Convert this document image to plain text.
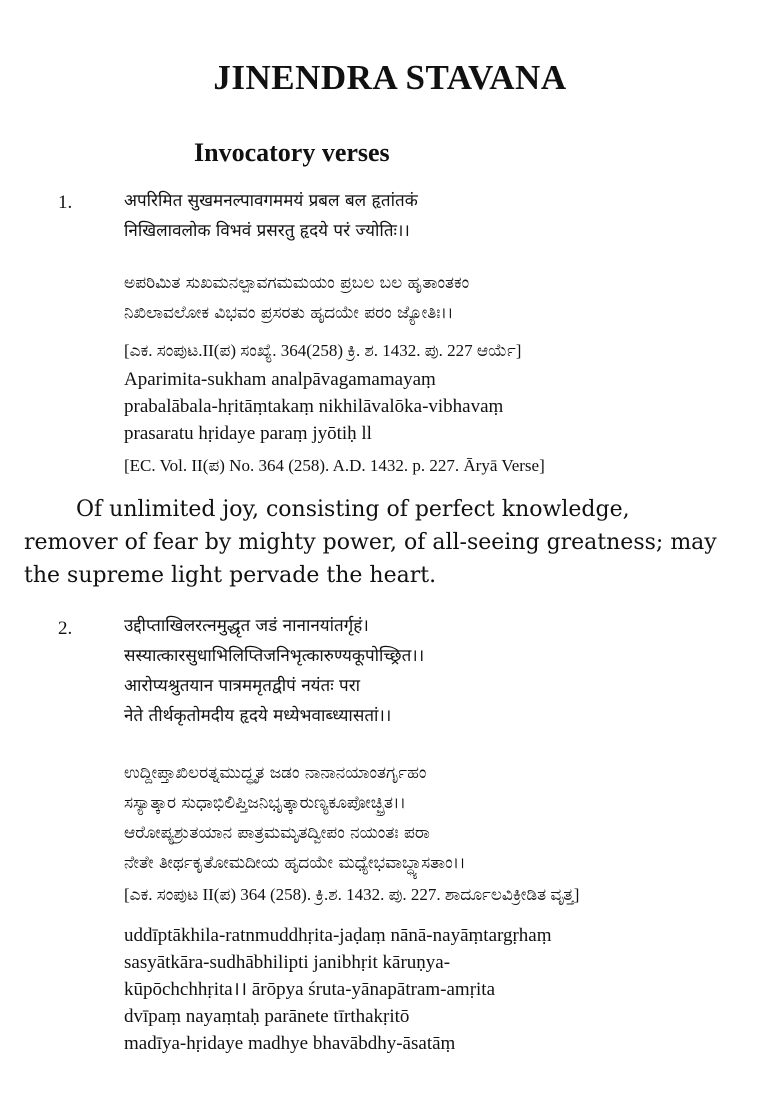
JINENDRA STAVANA
Invocatory verses
1.	अपरिमित सुखमनल्पावगममयं प्रबल बल हृतांतकं
निखिलावलोक विभवं प्रसरतु हृदये परं ज्योतिः।।
ಅಪರಿಮಿತ ಸುಖಮನಲ್ಪಾವಗಮಮಯಂ ಪ್ರಬಲ ಬಲ ಹೃತಾಂತಕಂ
ನಿಖಿಲಾವಲೋಕ ವಿಭವಂ ಪ್ರಸರತು ಹೃದಯೇ ಪರಂ ಜ್ಯೋತಿಃ।।
[ಎಕ. ಸಂಪುಟ.II(ಪ) ಸಂಖ್ಯೆ. 364(258) ಕ್ರಿ. ಶ. 1432. ಪು. 227 ಆರ್ಯೆ]
Aparimita-sukham analpāvagamamayaṃ
prabalābala-hṛitāṃtakaṃ nikhilāvalōka-vibhavaṃ
prasaratu hṛidaye paraṃ jyōtiḥ ll
[EC. Vol. II(ಪ) No. 364 (258). A.D. 1432. p. 227. Āryā Verse]
Of unlimited joy, consisting of perfect knowledge,
remover of fear by mighty power, of all-seeing greatness; may
the supreme light pervade the heart.
2.	उद्दीप्ताखिलरत्नमुद्धृत जडं नानानयांतर्गृहं।
सस्यात्कारसुधाभिलिप्तिजनिभृत्कारुण्यकूपोच्छ्रित।।
आरोप्यश्रुतयान पात्रममृतद्वीपं नयंतः परा
नेते तीर्थकृतोमदीय हृदये मध्येभवाब्ध्यासतां।।
ಉದ್ದೀಪ್ತಾಖಿಲರತ್ನಮುದ್ಧೃತ ಜಡಂ ನಾನಾನಯಾಂತರ್ಗೃಹಂ
ಸಸ್ಯಾತ್ಕಾರ ಸುಧಾಭಿಲಿಪ್ತಿಜನಿಭೃತ್ಕಾರುಣ್ಯಕೂಪೋಚ್ಛ್ರಿತ।।
ಆರೋಪ್ಯಶ್ರುತಯಾನ ಪಾತ್ರಮಮೃತದ್ವೀಪಂ ನಯಂತಃ ಪರಾ
ನೇತೇ ತೀರ್ಥಕೃತೋಮದೀಯ ಹೃದಯೇ ಮಧ್ಯೇಭವಾಬ್ಧ್ಯಾಸತಾಂ।।
[ಎಕ. ಸಂಪುಟ II(ಪ) 364 (258). ಕ್ರಿ.ಶ. 1432. ಪು. 227. ಶಾರ್ದೂಲವಿಕ್ರೀಡಿತ ವೃತ್ತ]
uddīptākhila-ratnmuddhṛita-jaḍaṃ nānā-nayāṃtargṛhaṃ
sasyātkāra-sudhābhilipti janibhṛit kāruṇya-
kūpōchchhṛita।। ārōpya śruta-yānapātram-amṛita
dvīpaṃ nayaṃtaḥ parānete tīrthakṛitō
madīya-hṛidaye madhye bhavābdhy-āsatāṃ
